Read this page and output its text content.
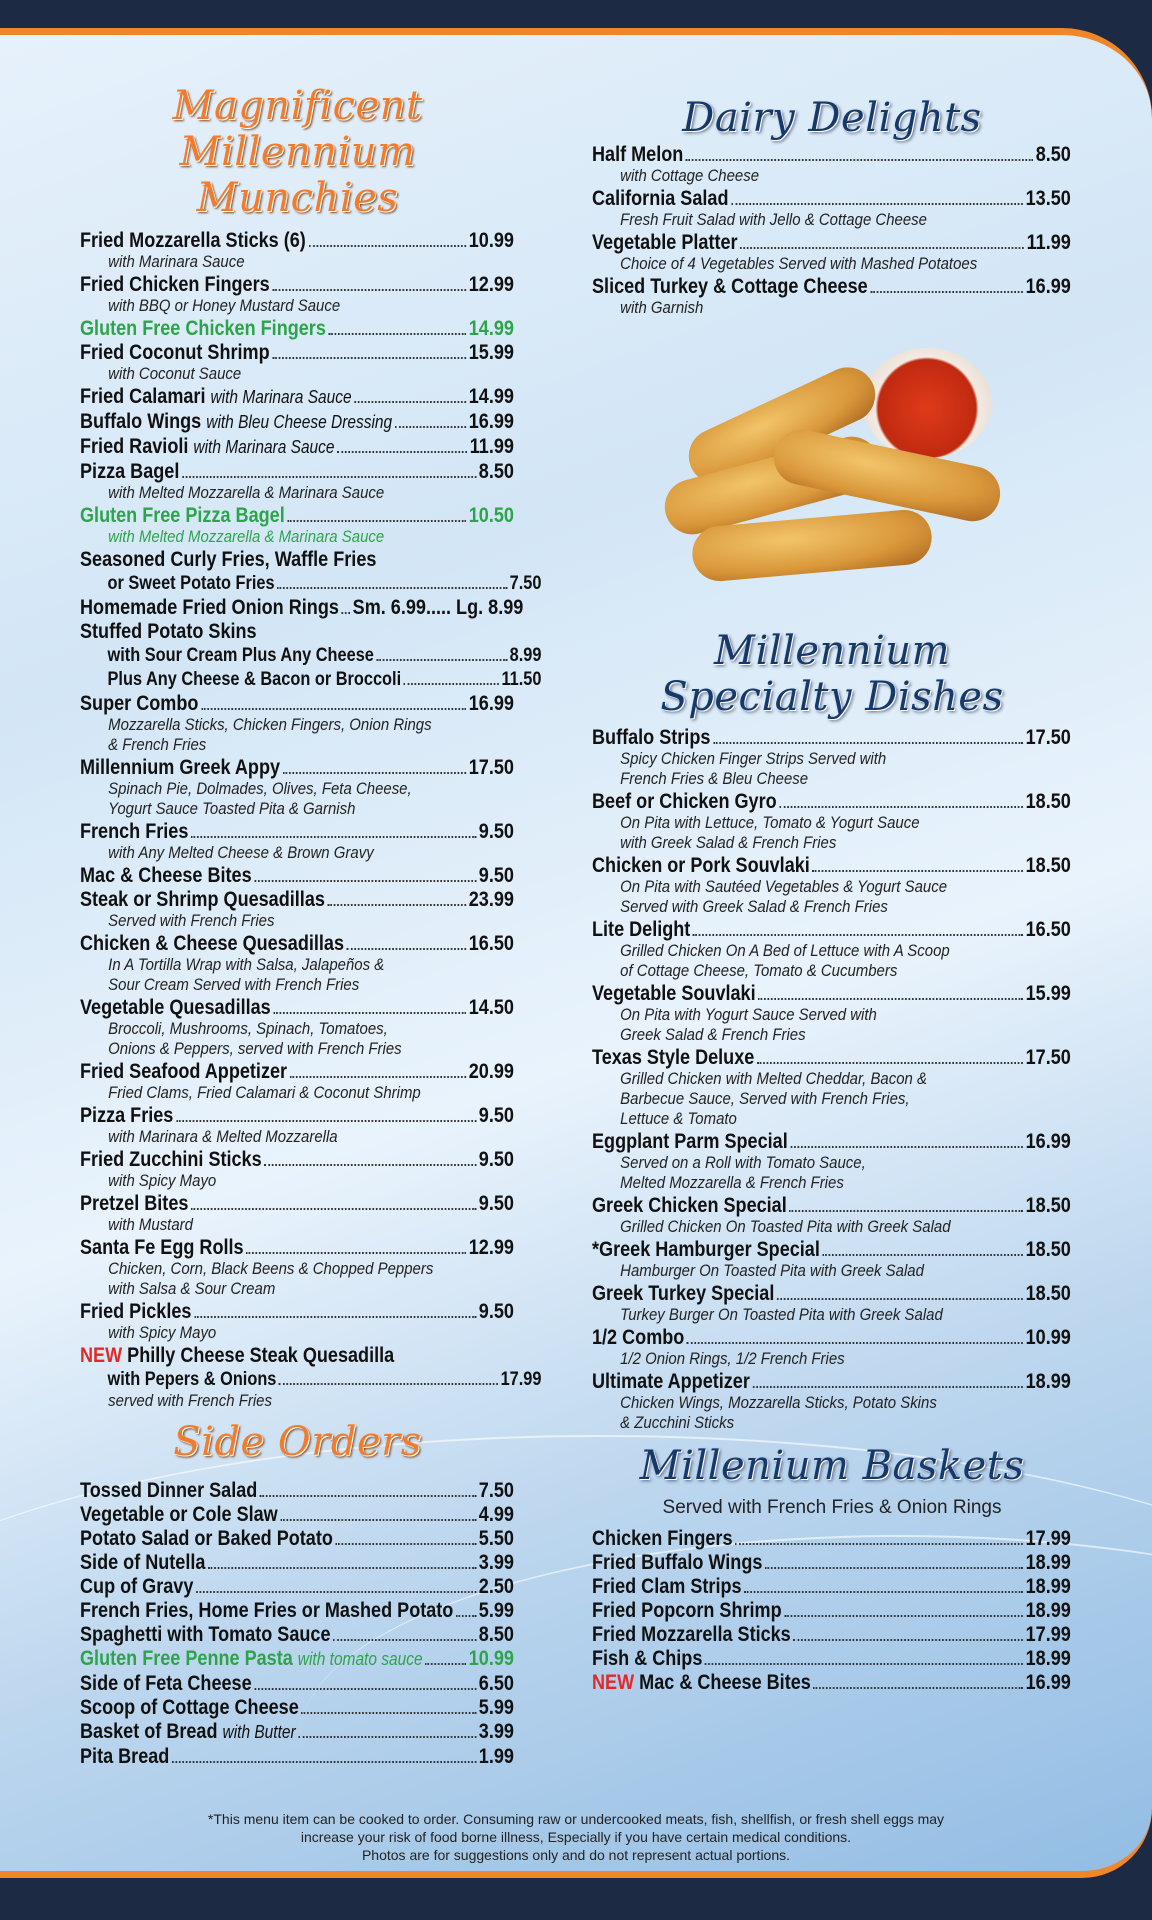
Magnificent
Millennium Munchies
Fried Mozzarella Sticks (6)	10.99
with Marinara Sauce
Fried Chicken Fingers	12.99
with BBQ or Honey Mustard Sauce
Gluten Free Chicken Fingers	14.99
Fried Coconut Shrimp	15.99
with Coconut Sauce
Fried Calamari
with Marinara Sauce	14.99
Buffalo Wings
with Bleu Cheese Dressing	16.99
Fried Ravioli
with Marinara Sauce	11.99
Pizza Bagel	8.50
with Melted Mozzarella & Marinara Sauce
Gluten Free Pizza Bagel	10.50
with Melted Mozzarella & Marinara Sauce
Seasoned Curly Fries, Waffle Fries
or Sweet Potato Fries	7.50
Homemade Fried Onion Rings Sm. 6.99..... Lg. 8.99
Stuffed Potato Skins
with Sour Cream Plus Any Cheese	8.99
Plus Any Cheese & Bacon or Broccoli	11.50
Super Combo	16.99
Mozzarella Sticks, Chicken Fingers, Onion Rings
& French Fries
Millennium Greek Appy	17.50
Spinach Pie, Dolmades, Olives, Feta Cheese,
Yogurt Sauce Toasted Pita & Garnish
French Fries	9.50
with Any Melted Cheese & Brown Gravy
Mac & Cheese Bites	9.50
Steak or Shrimp Quesadillas	23.99
Served with French Fries
Chicken & Cheese Quesadillas	16.50
In A Tortilla Wrap with Salsa, Jalapeños &
Sour Cream Served with French Fries
Vegetable Quesadillas	14.50
Broccoli, Mushrooms, Spinach, Tomatoes,
Onions & Peppers, served with French Fries
Fried Seafood Appetizer	20.99
Fried Clams, Fried Calamari & Coconut Shrimp
Pizza Fries	9.50
with Marinara & Melted Mozzarella
Fried Zucchini Sticks	9.50
with Spicy Mayo
Pretzel Bites	9.50
with Mustard
Santa Fe Egg Rolls	12.99
Chicken, Corn, Black Beens & Chopped Peppers
with Salsa & Sour Cream
Fried Pickles	9.50
with Spicy Mayo
NEW
Philly Cheese Steak Quesadilla
with Pepers & Onions	17.99
served with French Fries
Side Orders
Tossed Dinner Salad	7.50
Vegetable or Cole Slaw	4.99
Potato Salad or Baked Potato	5.50
Side of Nutella	3.99
Cup of Gravy	2.50
French Fries, Home Fries or Mashed Potato 5.99
Spaghetti with Tomato Sauce	8.50
Gluten Free Penne Pasta
with tomato sauce 10.99
Side of Feta Cheese	6.50
Scoop of Cottage Cheese	5.99
Basket of Bread
with Butter	3.99
Pita Bread	1.99
Dairy Delights
Half Melon	8.50
with Cottage Cheese
California Salad	13.50
Fresh Fruit Salad with Jello & Cottage Cheese
Vegetable Platter	11.99
Choice of 4 Vegetables Served with Mashed Potatoes
Sliced Turkey & Cottage Cheese	16.99
with Garnish
Millennium
Specialty Dishes
Buffalo Strips	17.50
Spicy Chicken Finger Strips Served with
French Fries & Bleu Cheese
Beef or Chicken Gyro	18.50
On Pita with Lettuce, Tomato & Yogurt Sauce
with Greek Salad & French Fries
Chicken or Pork Souvlaki	18.50
On Pita with Sautéed Vegetables & Yogurt Sauce
Served with Greek Salad & French Fries
Lite Delight	16.50
Grilled Chicken On A Bed of Lettuce with A Scoop
of Cottage Cheese, Tomato & Cucumbers
Vegetable Souvlaki	15.99
On Pita with Yogurt Sauce Served with
Greek Salad & French Fries
Texas Style Deluxe	17.50
Grilled Chicken with Melted Cheddar, Bacon &
Barbecue Sauce, Served with French Fries,
Lettuce & Tomato
Eggplant Parm Special	16.99
Served on a Roll with Tomato Sauce,
Melted Mozzarella & French Fries
Greek Chicken Special	18.50
Grilled Chicken On Toasted Pita with Greek Salad
*Greek Hamburger Special	18.50
Hamburger On Toasted Pita with Greek Salad
Greek Turkey Special	18.50
Turkey Burger On Toasted Pita with Greek Salad
1/2 Combo	10.99
1/2 Onion Rings, 1/2 French Fries
Ultimate Appetizer	18.99
Chicken Wings, Mozzarella Sticks, Potato Skins
& Zucchini Sticks
Millenium Baskets
Served with French Fries & Onion Rings
Chicken Fingers	17.99
Fried Buffalo Wings	18.99
Fried Clam Strips	18.99
Fried Popcorn Shrimp	18.99
Fried Mozzarella Sticks	17.99
Fish & Chips	18.99
NEW
Mac & Cheese Bites	16.99
*This menu item can be cooked to order. Consuming raw or undercooked meats, fish, shellfish, or fresh shell eggs may
increase your risk of food borne illness, Especially if you have certain medical conditions.
Photos are for suggestions only and do not represent actual portions.
